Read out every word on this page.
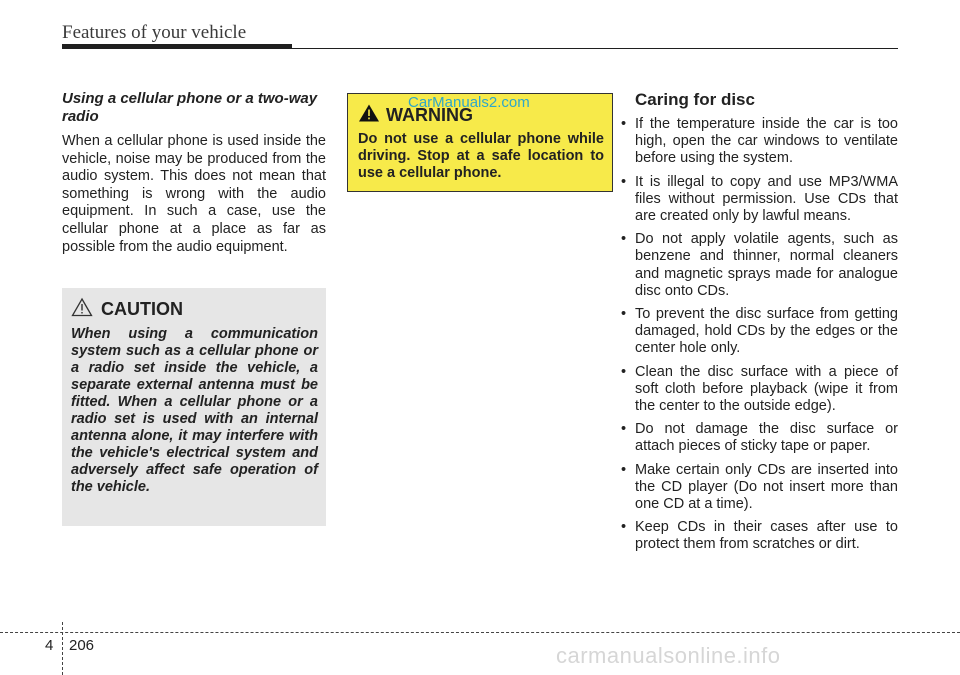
Features of your vehicle

Using a cellular phone or a two-way radio

When a cellular phone is used inside the vehicle, noise may be produced from the audio system. This does not mean that something is wrong with the audio equipment. In such a case, use the cellular phone at a place as far as possible from the audio equipment.

CAUTION

When using a communication system such as a cellular phone or a radio set inside the vehicle, a separate external antenna must be fitted. When a cellular phone or a radio set is used with an internal antenna alone, it may interfere with the vehicle's electrical system and adversely affect safe operation of the vehicle.

CarManuals2.com
WARNING

Do not use a cellular phone while driving. Stop at a safe location to use a cellular phone.

Caring for disc

• If the temperature inside the car is too high, open the car windows to ventilate before using the system.
• It is illegal to copy and use MP3/WMA files without permission. Use CDs that are created only by lawful means.
• Do not apply volatile agents, such as benzene and thinner, normal cleaners and magnetic sprays made for analogue disc onto CDs.
• To prevent the disc surface from getting damaged, hold CDs by the edges or the center hole only.
• Clean the disc surface with a piece of soft cloth before playback (wipe it from the center to the outside edge).
• Do not damage the disc surface or attach pieces of sticky tape or paper.
• Make certain only CDs are inserted into the CD player (Do not insert more than one CD at a time).
• Keep CDs in their cases after use to protect them from scratches or dirt.
4 206	carmanualsonline.info
